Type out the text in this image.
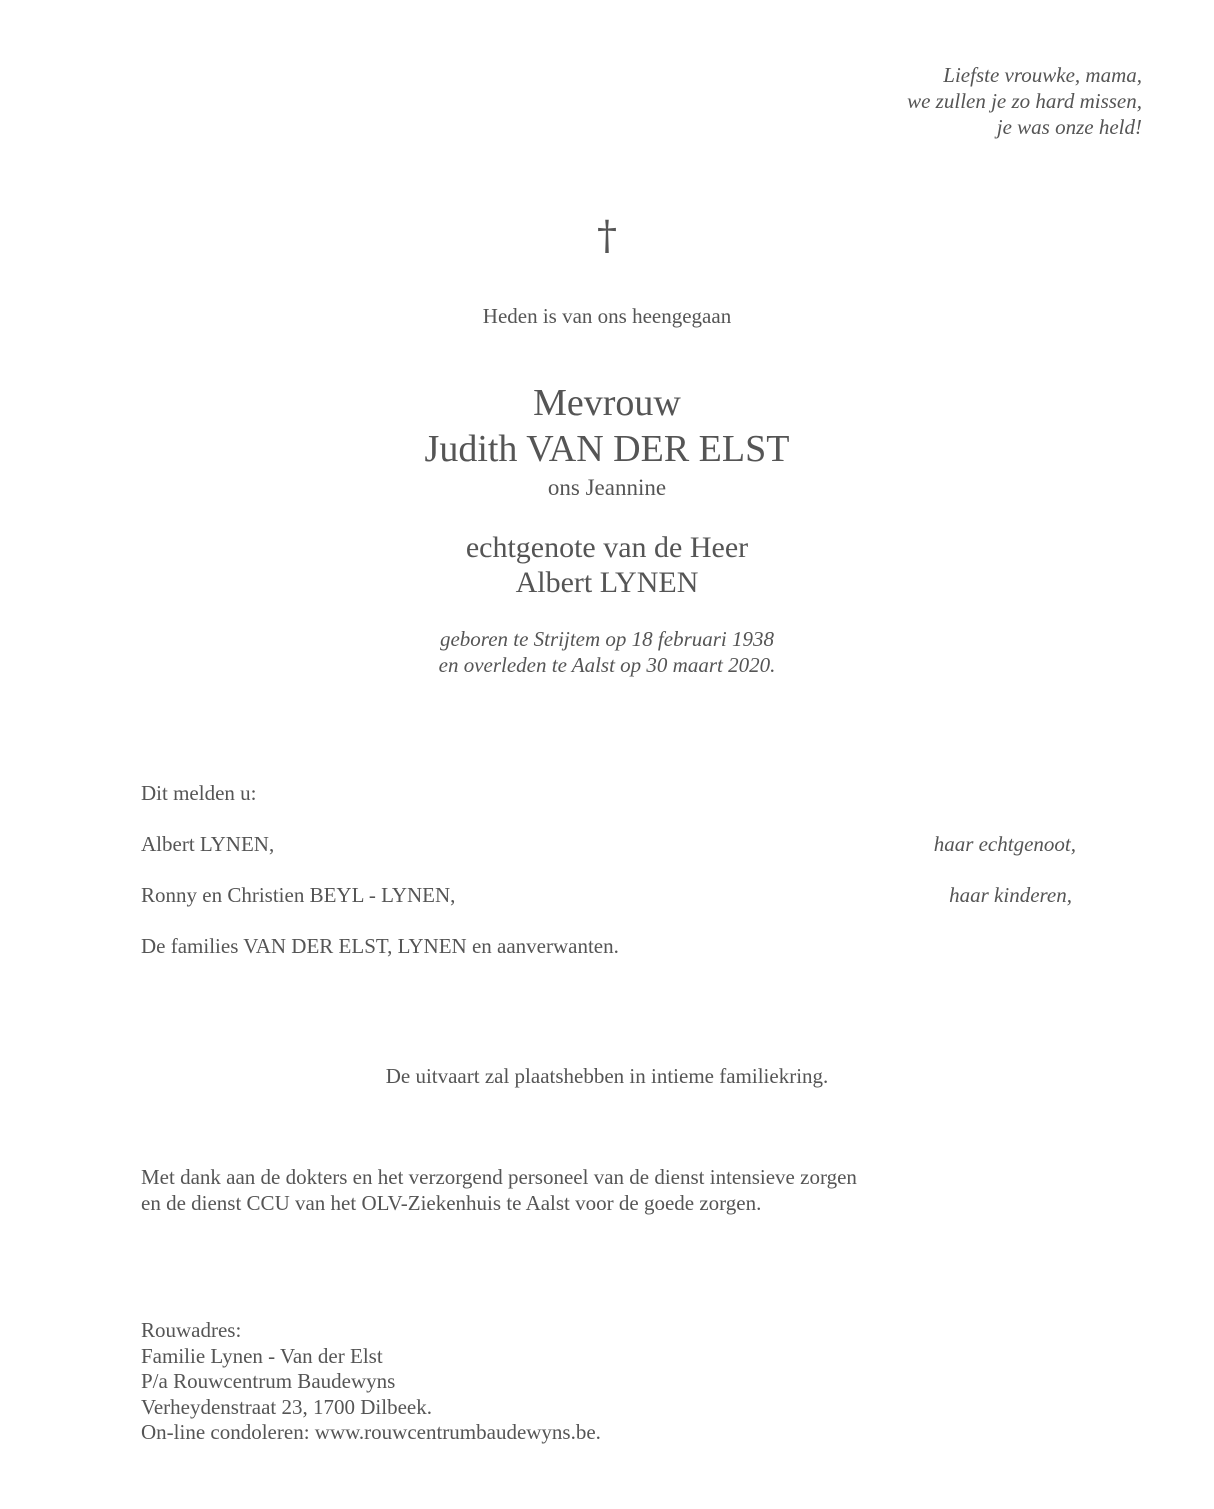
Liefste vrouwke, mama,
we zullen je zo hard missen,
je was onze held!
†
Heden is van ons heengegaan
Mevrouw
Judith VAN DER ELST
ons Jeannine
echtgenote van de Heer
Albert LYNEN
geboren te Strijtem op 18 februari 1938
en overleden te Aalst op 30 maart 2020.
Dit melden u:
Albert LYNEN,	haar echtgenoot,
Ronny en Christien BEYL - LYNEN,	haar kinderen,
De families VAN DER ELST, LYNEN en aanverwanten.
De uitvaart zal plaatshebben in intieme familiekring.
Met dank aan de dokters en het verzorgend personeel van de dienst intensieve zorgen
en de dienst CCU van het OLV-Ziekenhuis te Aalst voor de goede zorgen.
Rouwadres:
Familie Lynen - Van der Elst
P/a Rouwcentrum Baudewyns
Verheydenstraat 23, 1700 Dilbeek.
On-line condoleren: www.rouwcentrumbaudewyns.be.
